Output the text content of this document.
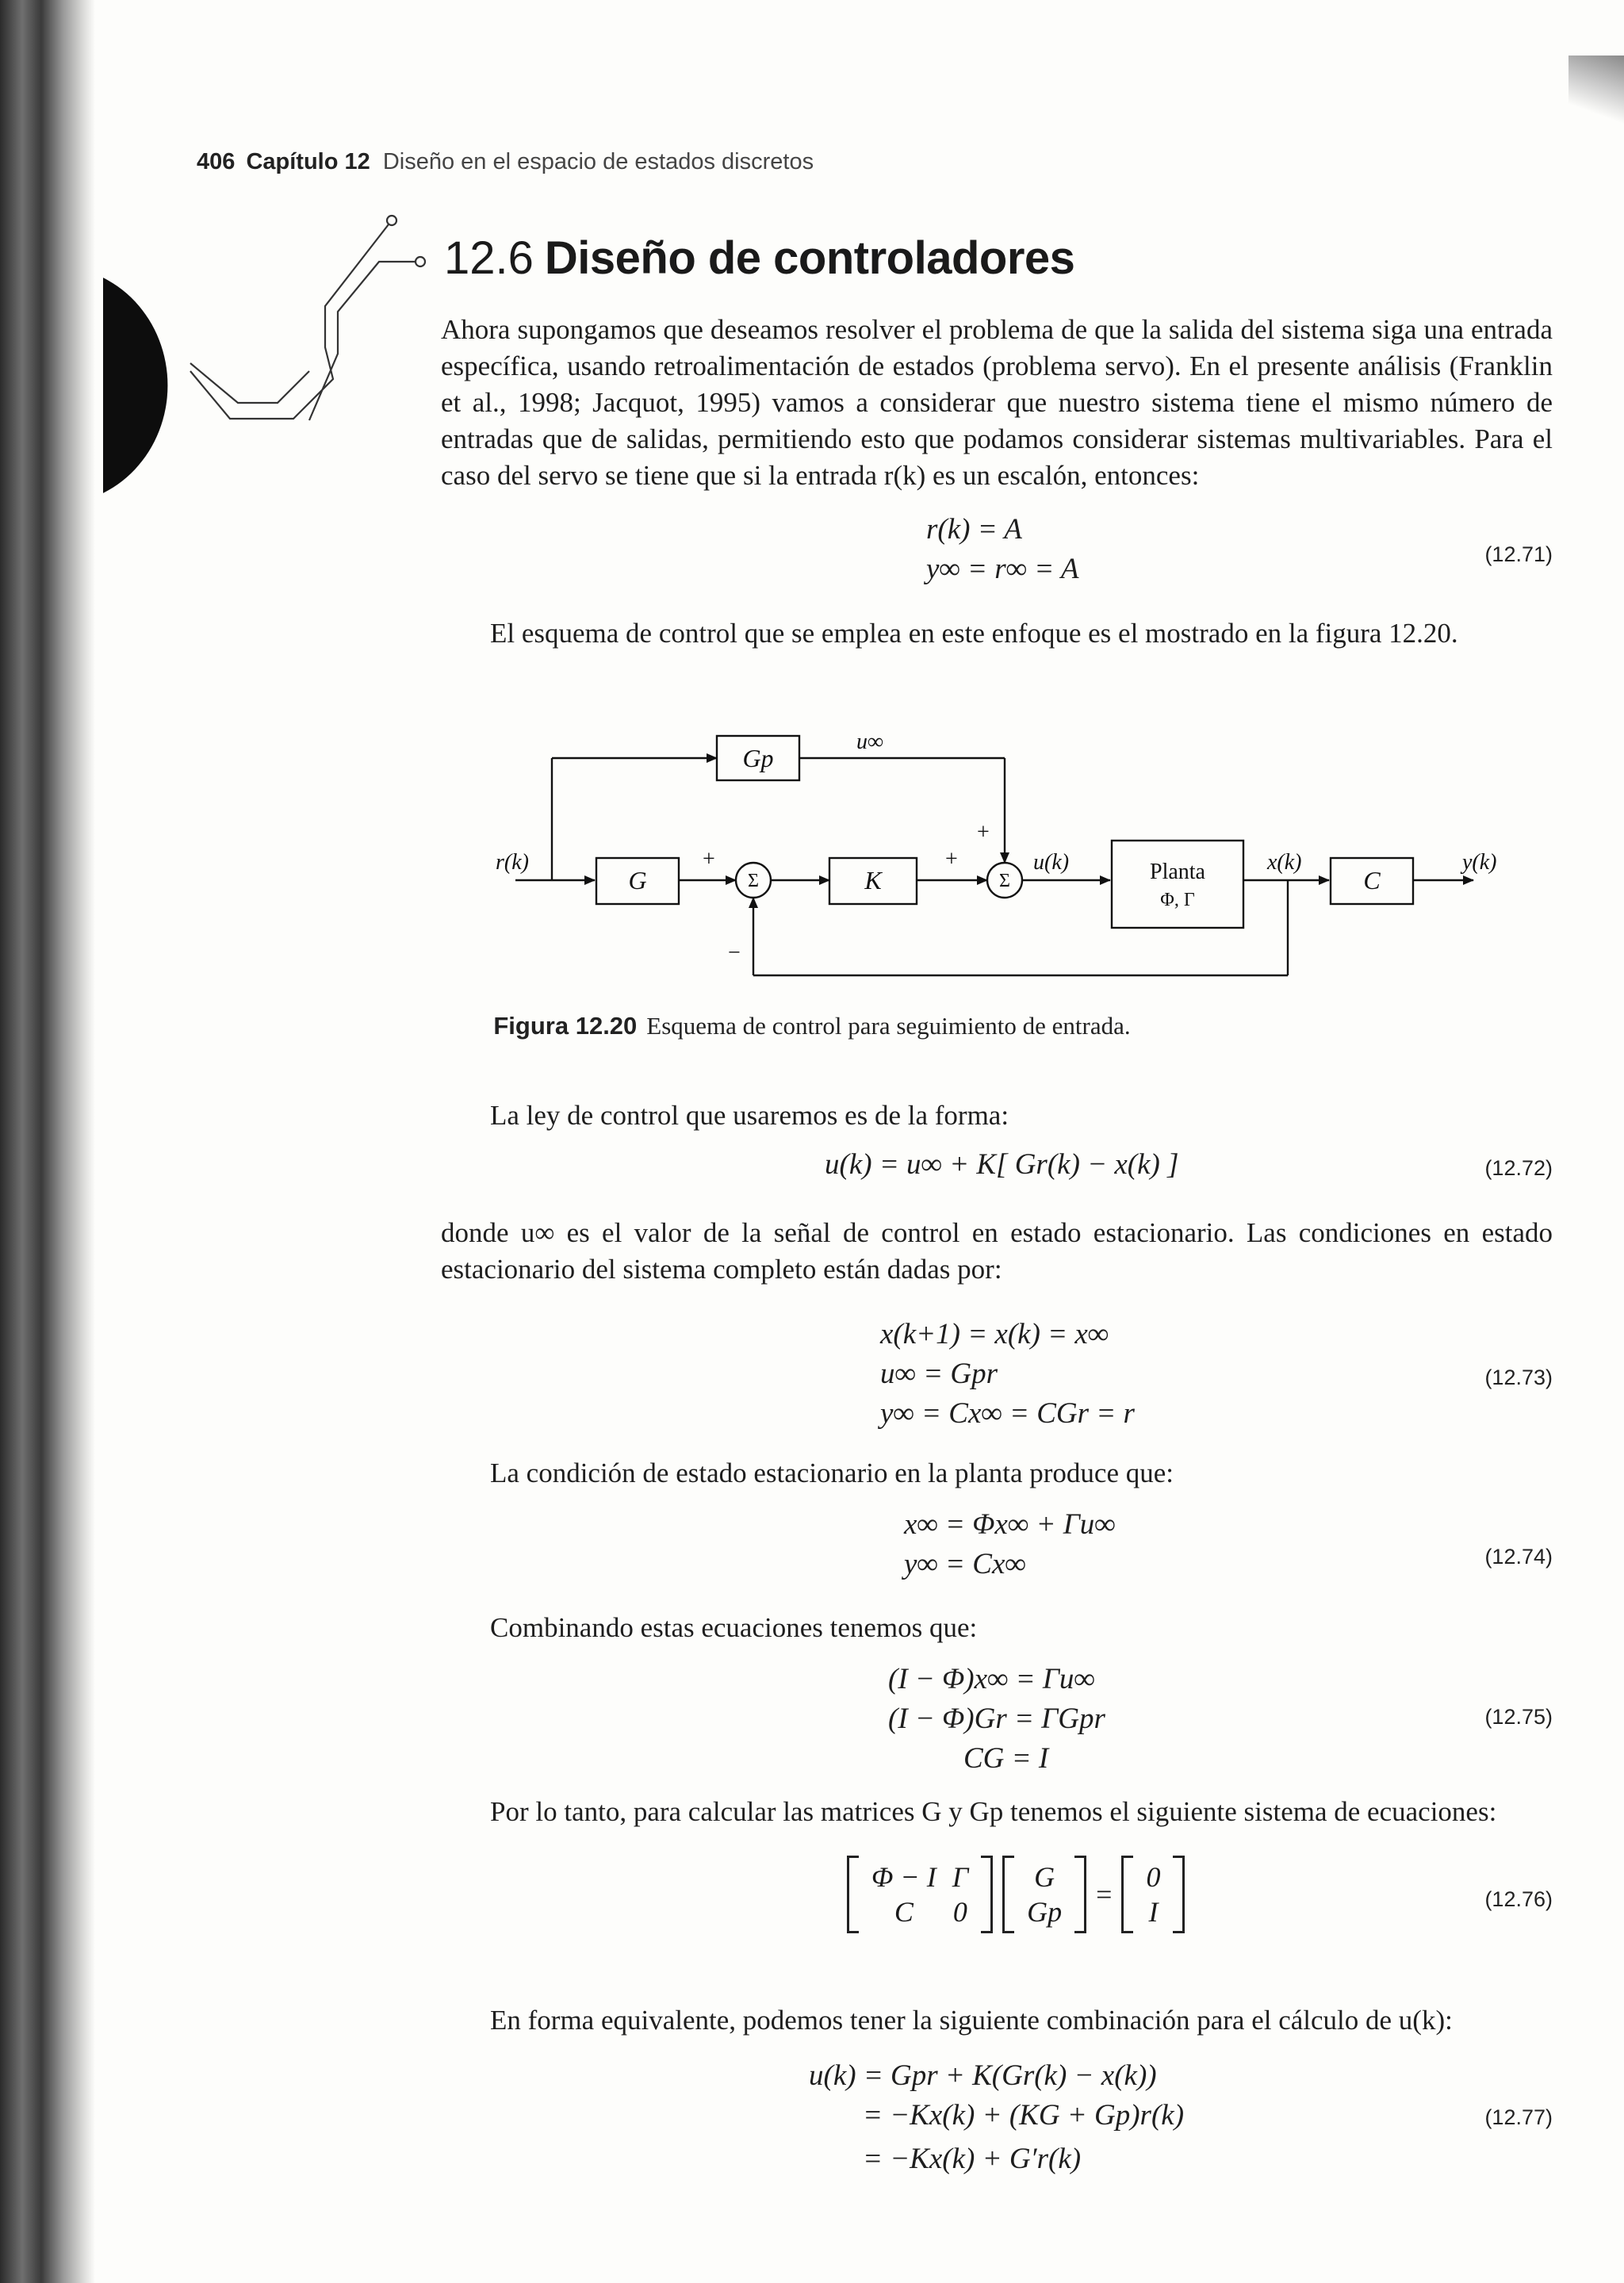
406 Capítulo 12 Diseño en el espacio de estados discretos
12.6 Diseño de controladores

Ahora supongamos que deseamos resolver el problema de que la salida del sistema siga una entrada específica, usando retroalimentación de estados (problema servo). En el presente análisis (Franklin et al., 1998; Jacquot, 1995) vamos a considerar que nuestro sistema tiene el mismo número de entradas que de salidas, permitiendo esto que podamos considerar sistemas multivariables. Para el caso del servo se tiene que si la entrada r(k) es un escalón, entonces:

r(k) = A
y∞ = r∞ = A	(12.71)

El esquema de control que se emplea en este enfoque es el mostrado en la figura 12.20.

G
Gp
K	C
Planta
Φ, Γ
Σ	Σ
r(k)
u∞
u(k)	x(k)	y(k)
+	+
+
−
Figura 12.20 Esquema de control para seguimiento de entrada.

La ley de control que usaremos es de la forma:

u(k) = u∞ + K[ Gr(k) − x(k) ]	(12.72)

donde u∞ es el valor de la señal de control en estado estacionario. Las condiciones en estado estacionario del sistema completo están dadas por:

x(k+1) = x(k) = x∞
u∞ = Gpr
y∞ = Cx∞ = CGr = r
(12.73)

La condición de estado estacionario en la planta produce que:

x∞ = Φx∞ + Γu∞
y∞ = Cx∞	(12.74)

Combinando estas ecuaciones tenemos que:

(I − Φ)x∞ = Γu∞
(I − Φ)Gr = ΓGpr
CG = I
(12.75)

Por lo tanto, para calcular las matrices G y Gp tenemos el siguiente sistema de ecuaciones:

Φ − I	Γ
C	0
G
Gp
=
0
I	(12.76)

En forma equivalente, podemos tener la siguiente combinación para el cálculo de u(k):

u(k) = Gpr + K(Gr(k) − x(k))
= −Kx(k) + (KG + Gp)r(k)
= −Kx(k) + G′r(k)
(12.77)
